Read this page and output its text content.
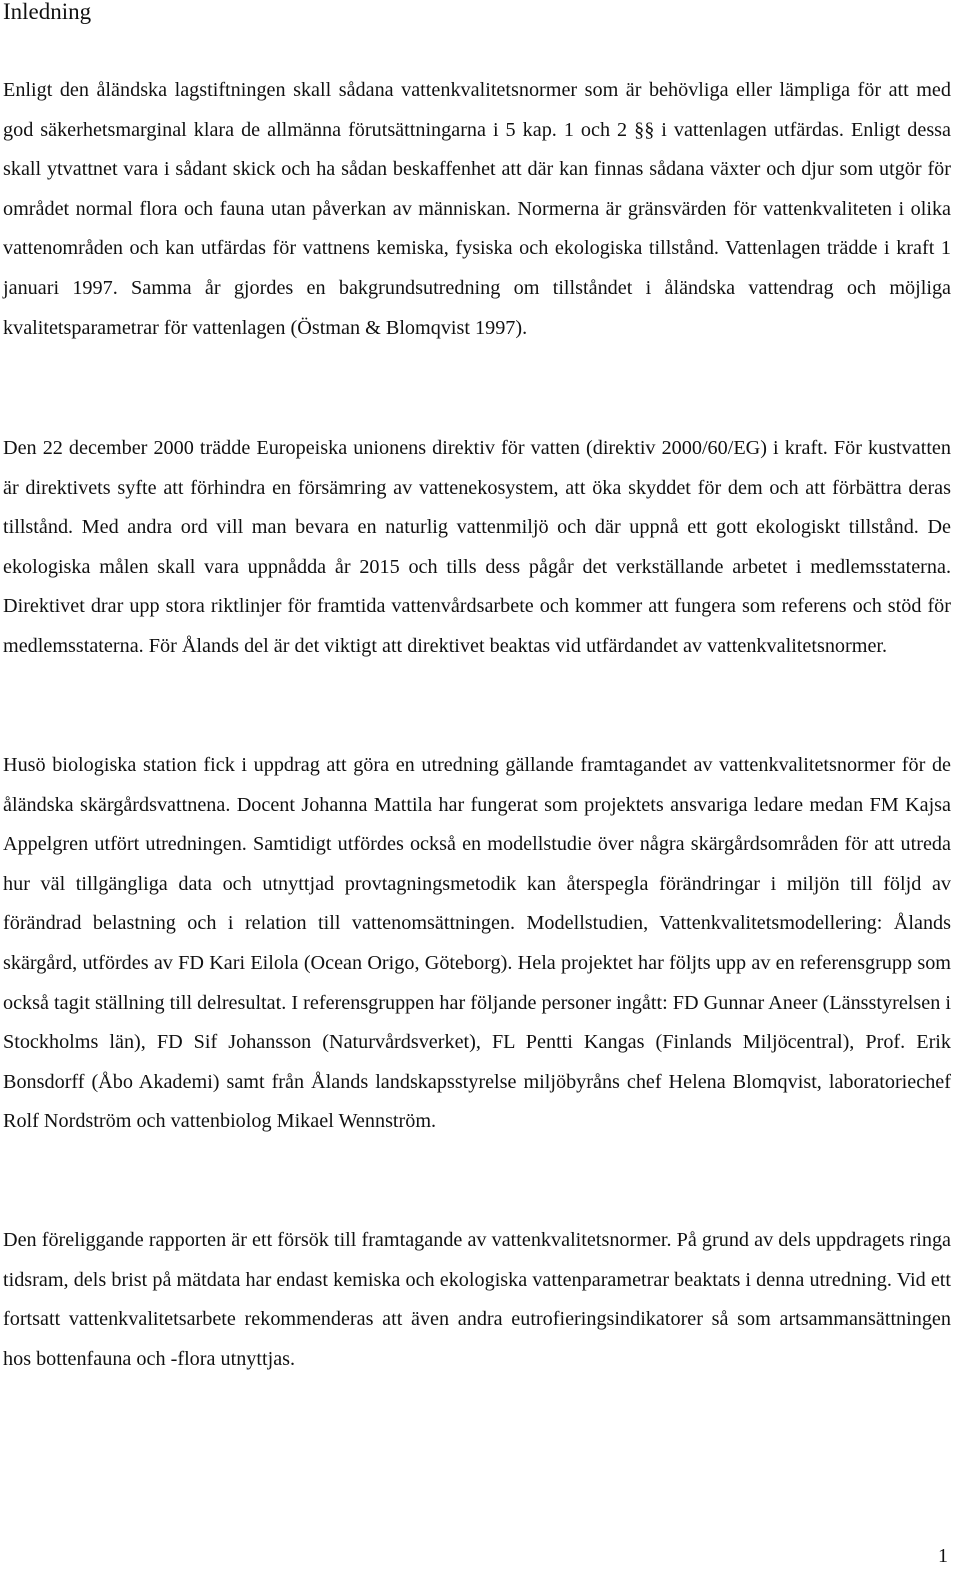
Inledning

Enligt den åländska lagstiftningen skall sådana vattenkvalitetsnormer som är behövliga eller lämpliga för att med god säkerhetsmarginal klara de allmänna förutsättningarna i 5 kap. 1 och 2 §§ i vattenlagen utfärdas. Enligt dessa skall ytvattnet vara i sådant skick och ha sådan beskaffenhet att där kan finnas sådana växter och djur som utgör för området normal flora och fauna utan påverkan av människan. Normerna är gränsvärden för vattenkvaliteten i olika vattenområden och kan utfärdas för vattnens kemiska, fysiska och ekologiska tillstånd. Vattenlagen trädde i kraft 1 januari 1997. Samma år gjordes en bakgrundsutredning om tillståndet i åländska vattendrag och möjliga kvalitetsparametrar för vattenlagen (Östman & Blomqvist 1997).

Den 22 december 2000 trädde Europeiska unionens direktiv för vatten (direktiv 2000/60/EG) i kraft. För kustvatten är direktivets syfte att förhindra en försämring av vattenekosystem, att öka skyddet för dem och att förbättra deras tillstånd. Med andra ord vill man bevara en naturlig vattenmiljö och där uppnå ett gott ekologiskt tillstånd. De ekologiska målen skall vara uppnådda år 2015 och tills dess pågår det verkställande arbetet i medlemsstaterna. Direktivet drar upp stora riktlinjer för framtida vattenvårdsarbete och kommer att fungera som referens och stöd för medlemsstaterna. För Ålands del är det viktigt att direktivet beaktas vid utfärdandet av vattenkvalitetsnormer.

Husö biologiska station fick i uppdrag att göra en utredning gällande framtagandet av vattenkvalitetsnormer för de åländska skärgårdsvattnena. Docent Johanna Mattila har fungerat som projektets ansvariga ledare medan FM Kajsa Appelgren utfört utredningen. Samtidigt utfördes också en modellstudie över några skärgårdsområden för att utreda hur väl tillgängliga data och utnyttjad provtagningsmetodik kan återspegla förändringar i miljön till följd av förändrad belastning och i relation till vattenomsättningen. Modellstudien, Vattenkvalitetsmodellering: Ålands skärgård, utfördes av FD Kari Eilola (Ocean Origo, Göteborg). Hela projektet har följts upp av en referensgrupp som också tagit ställning till delresultat. I referensgruppen har följande personer ingått: FD Gunnar Aneer (Länsstyrelsen i Stockholms län), FD Sif Johansson (Naturvårdsverket), FL Pentti Kangas (Finlands Miljöcentral), Prof. Erik Bonsdorff (Åbo Akademi) samt från Ålands landskapsstyrelse miljöbyråns chef Helena Blomqvist, laboratoriechef Rolf Nordström och vattenbiolog Mikael Wennström.

Den föreliggande rapporten är ett försök till framtagande av vattenkvalitetsnormer. På grund av dels uppdragets ringa tidsram, dels brist på mätdata har endast kemiska och ekologiska vattenparametrar beaktats i denna utredning. Vid ett fortsatt vattenkvalitetsarbete rekommenderas att även andra eutrofieringsindikatorer så som artsammansättningen hos bottenfauna och -flora utnyttjas.

1
